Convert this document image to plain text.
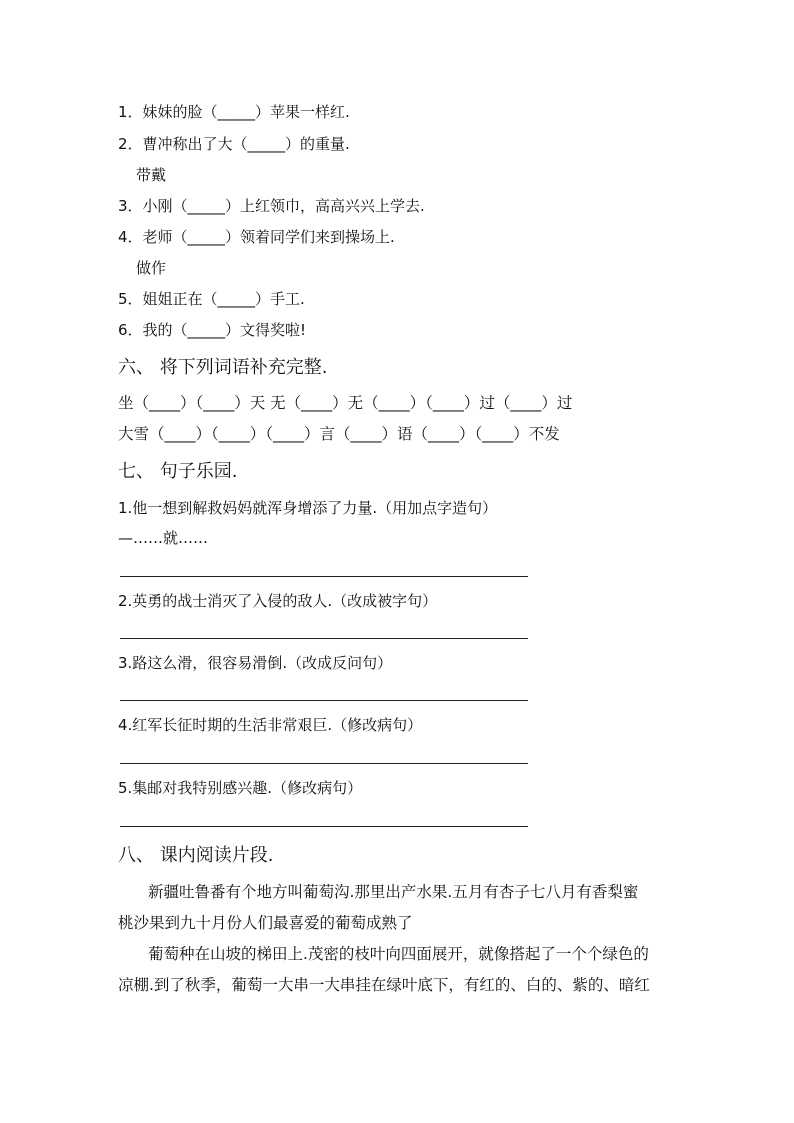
1．妹妹的脸（_____）苹果一样红.
2．曹冲称出了大（_____）的重量.
带戴
3．小刚（_____）上红领巾，高高兴兴上学去.
4．老师（_____）领着同学们来到操场上.
做作
5．姐姐正在（_____）手工.
6．我的（_____）文得奖啦!
六、 将下列词语补充完整.
坐（____）（____）天 无（____）无（____）（____）过（____）过
大雪（____）（____）（____）言（____）语（____）（____）不发
七、 句子乐园.
1.他一想到解救妈妈就浑身增添了力量.（用加点字造句）
—……就……
2.英勇的战士消灭了入侵的敌人.（改成被字句）
3.路这么滑，很容易滑倒.（改成反问句）
4.红军长征时期的生活非常艰巨.（修改病句）
5.集邮对我特别感兴趣.（修改病句）
八、 课内阅读片段.
新疆吐鲁番有个地方叫葡萄沟.那里出产水果.五月有杏子七八月有香梨蜜
桃沙果到九十月份人们最喜爱的葡萄成熟了
葡萄种在山坡的梯田上.茂密的枝叶向四面展开，就像搭起了一个个绿色的
凉棚.到了秋季，葡萄一大串一大串挂在绿叶底下，有红的、白的、紫的、暗红
